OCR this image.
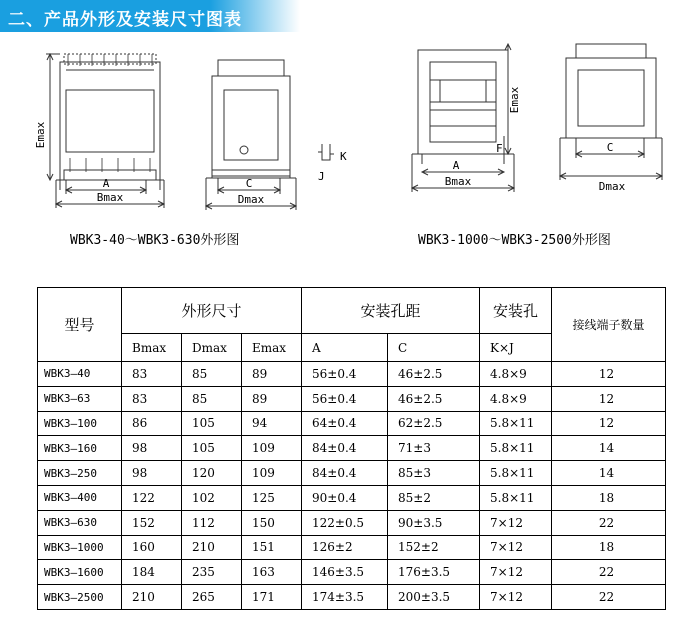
二、产品外形及安装尺寸图表
Emax
A
Bmax
C
Dmax
K
J
Emax
F
A
Bmax
C
Dmax
WBK3-40～WBK3-630外形图	WBK3-1000～WBK3-2500外形图
型号	外形尺寸			安装孔距		安装孔	接线端子数量
	Bmax	Dmax	Emax	A	C	K×J	
WBK3—40	83	85	89	56±0.4	46±2.5	4.8×9	12
WBK3—63	83	85	89	56±0.4	46±2.5	4.8×9	12
WBK3—100	86	105	94	64±0.4	62±2.5	5.8×11	12
WBK3—160	98	105	109	84±0.4	71±3	5.8×11	14
WBK3—250	98	120	109	84±0.4	85±3	5.8×11	14
WBK3—400	122	102	125	90±0.4	85±2	5.8×11	18
WBK3—630	152	112	150	122±0.5	90±3.5	7×12	22
WBK3—1000	160	210	151	126±2	152±2	7×12	18
WBK3—1600	184	235	163	146±3.5	176±3.5	7×12	22
WBK3—2500	210	265	171	174±3.5	200±3.5	7×12	22
